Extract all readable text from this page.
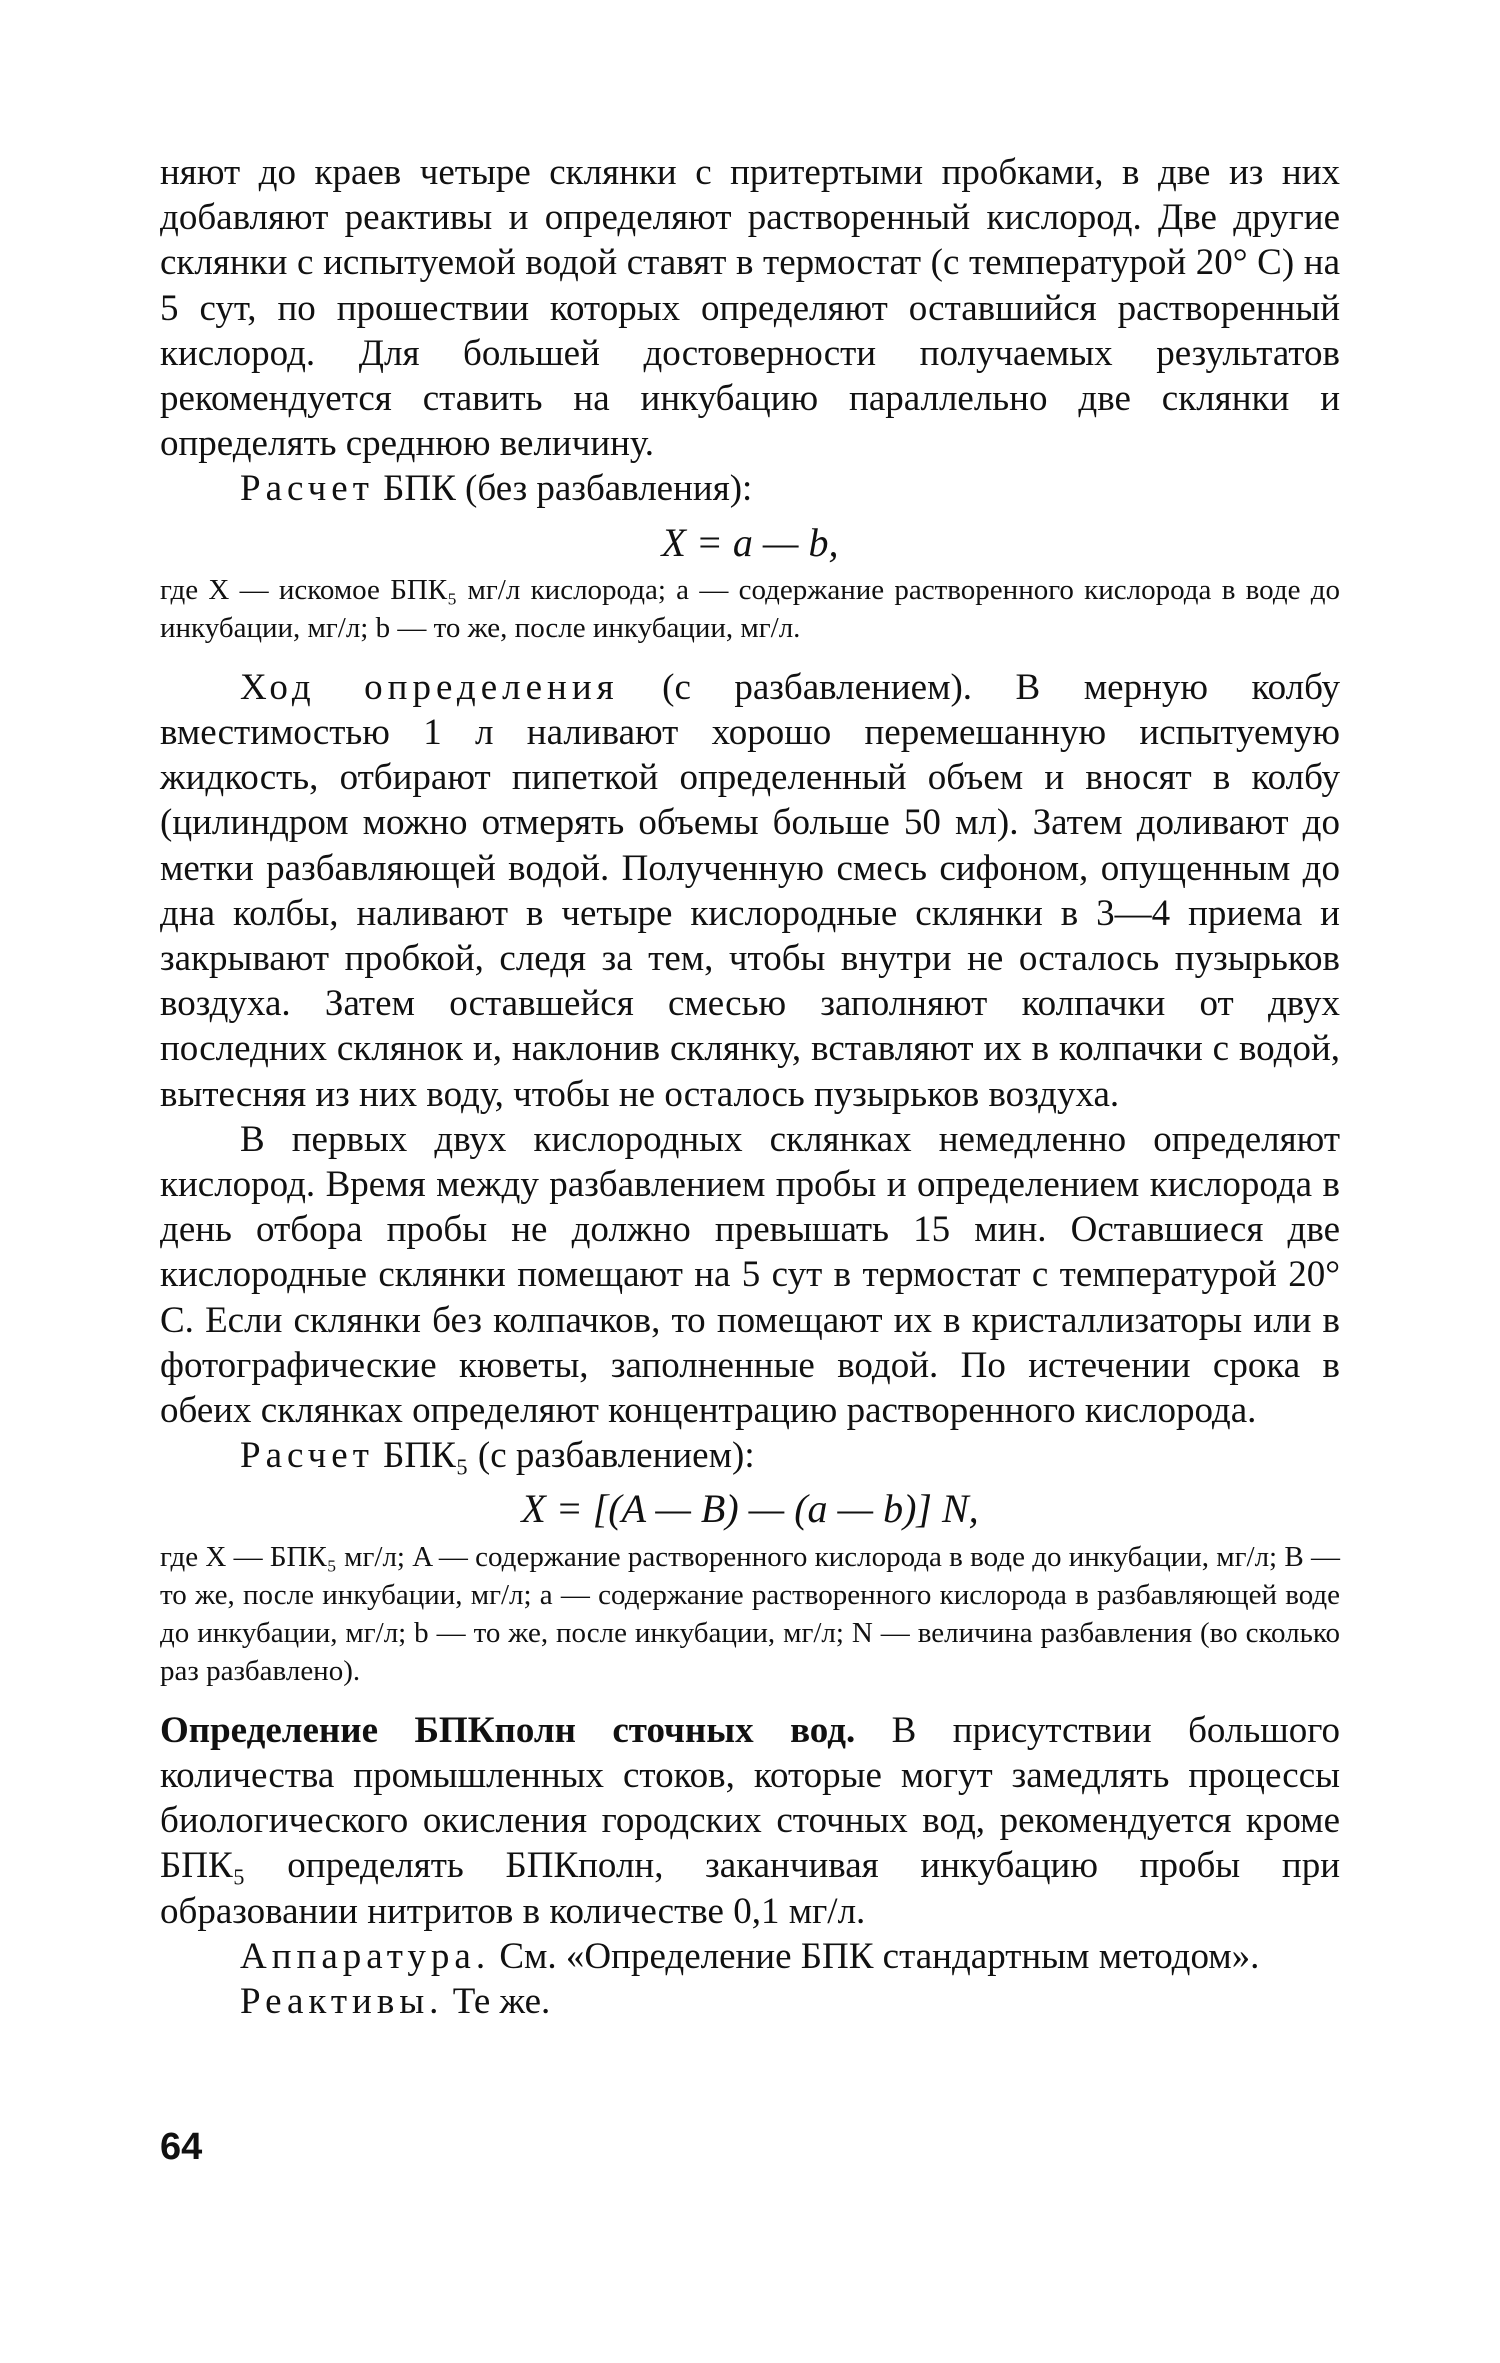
няют до краев четыре склянки с притертыми пробками, в две из них добавляют реактивы и определяют растворенный кислород. Две другие склянки с испытуемой водой ставят в термостат (с температурой 20° С) на 5 сут, по прошествии которых определяют оставшийся растворенный кислород. Для большей достоверности получаемых результатов рекомендуется ставить на инкубацию параллельно две склянки и определять среднюю величину.

Расчет БПК (без разбавления):

X = a — b,

где X — искомое БПК₅ мг/л кислорода; a — содержание растворенного кислорода в воде до инкубации, мг/л; b — то же, после инкубации, мг/л.

Ход определения (с разбавлением). В мерную колбу вместимостью 1 л наливают хорошо перемешанную испытуемую жидкость, отбирают пипеткой определенный объем и вносят в колбу (цилиндром можно отмерять объемы больше 50 мл). Затем доливают до метки разбавляющей водой. Полученную смесь сифоном, опущенным до дна колбы, наливают в четыре кислородные склянки в 3—4 приема и закрывают пробкой, следя за тем, чтобы внутри не осталось пузырьков воздуха. Затем оставшейся смесью заполняют колпачки от двух последних склянок и, наклонив склянку, вставляют их в колпачки с водой, вытесняя из них воду, чтобы не осталось пузырьков воздуха.

В первых двух кислородных склянках немедленно определяют кислород. Время между разбавлением пробы и определением кислорода в день отбора пробы не должно превышать 15 мин. Оставшиеся две кислородные склянки помещают на 5 сут в термостат с температурой 20° С. Если склянки без колпачков, то помещают их в кристаллизаторы или в фотографические кюветы, заполненные водой. По истечении срока в обеих склянках определяют концентрацию растворенного кислорода.

Расчет БПК₅ (с разбавлением):

X = [(A — B) — (a — b)] N,

где X — БПК₅ мг/л; A — содержание растворенного кислорода в воде до инкубации, мг/л; B — то же, после инкубации, мг/л; a — содержание растворенного кислорода в разбавляющей воде до инкубации, мг/л; b — то же, после инкубации, мг/л; N — величина разбавления (во сколько раз разбавлено).

Определение БПКполн сточных вод. В присутствии большого количества промышленных стоков, которые могут замедлять процессы биологического окисления городских сточных вод, рекомендуется кроме БПК₅ определять БПКполн, заканчивая инкубацию пробы при образовании нитритов в количестве 0,1 мг/л.

Аппаратура. См. «Определение БПК стандартным методом».

Реактивы. Те же.

64
